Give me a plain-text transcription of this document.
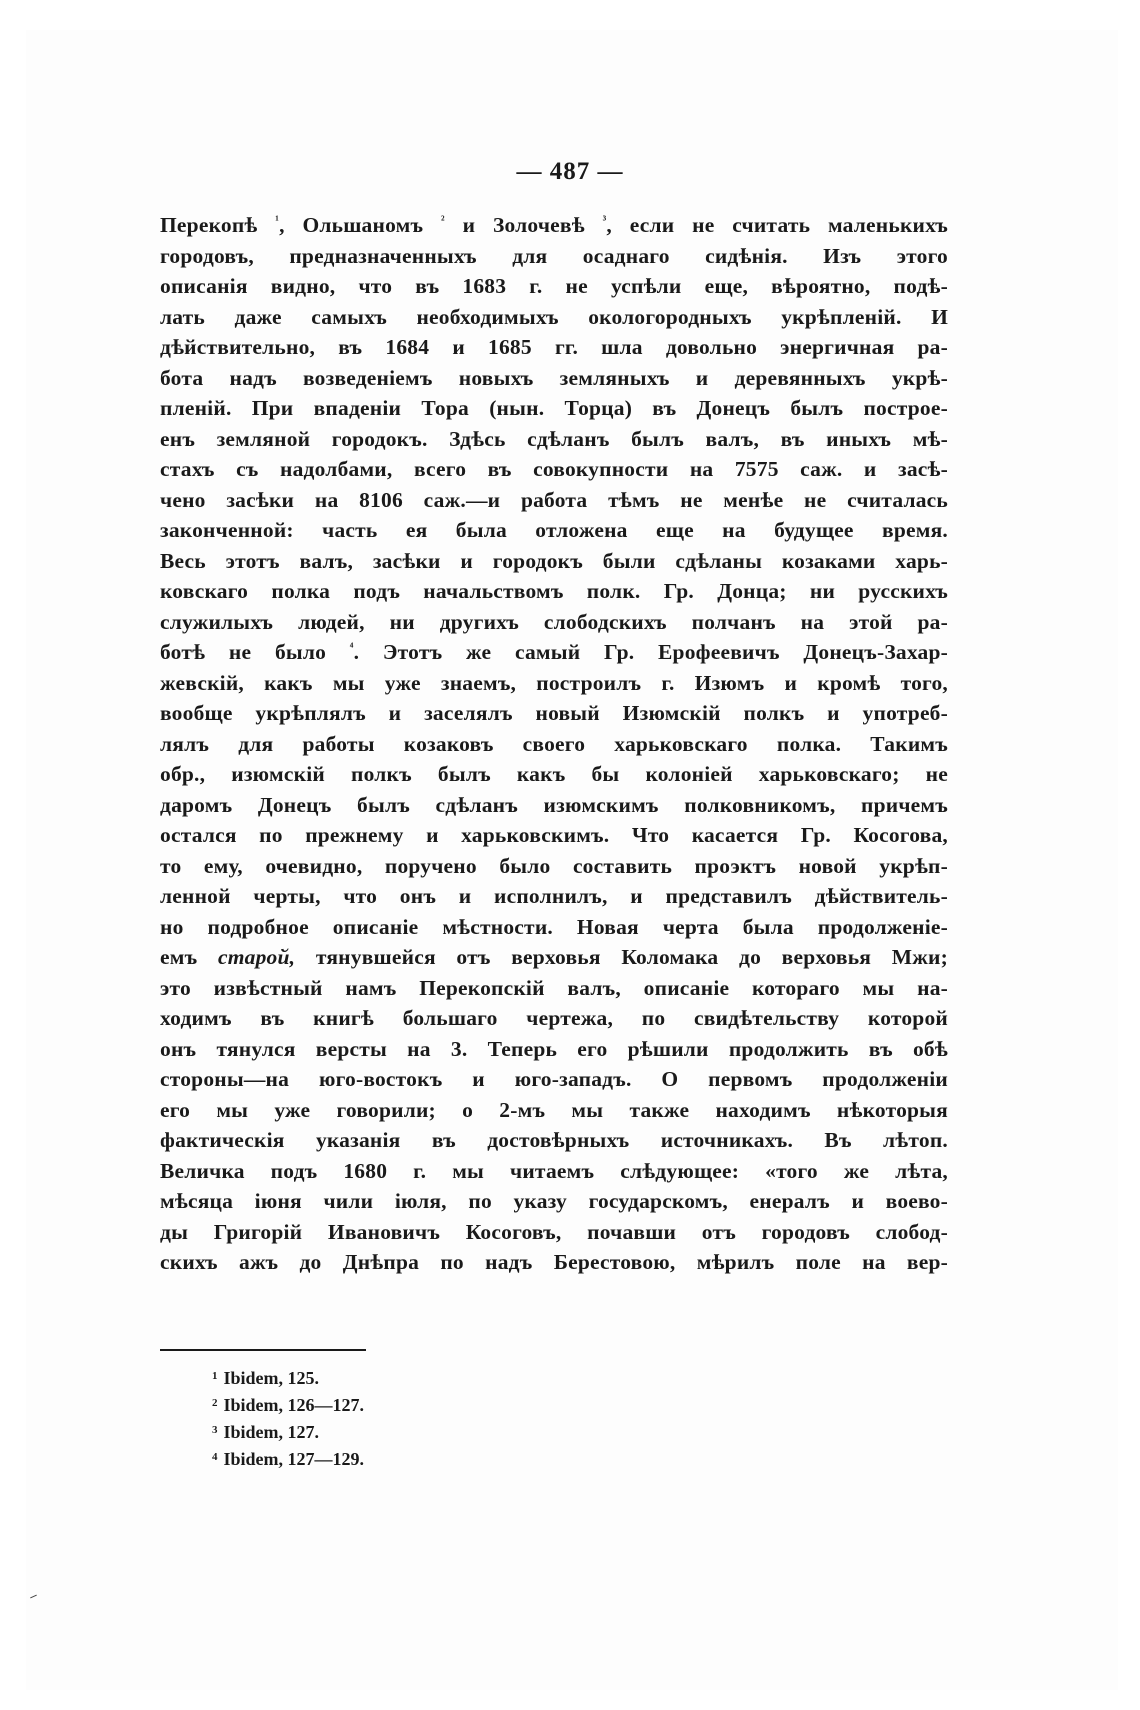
— 487 —
Перекопѣ $^{^1}$, Ольшаномъ $^{^2}$ и Золочевѣ $^{^3}$, если не считать маленькихъ
городовъ, предназначенныхъ для осаднаго сидѣнія. Изъ этого
описанія видно, что въ 1683 г. не успѣли еще, вѣроятно, подѣ-
лать даже самыхъ необходимыхъ окологородныхъ укрѣпленій. И
дѣйствительно, въ 1684 и 1685 гг. шла довольно энергичная ра-
бота надъ возведеніемъ новыхъ земляныхъ и деревянныхъ укрѣ-
пленій. При впаденіи Тора (нын. Торца) въ Донецъ былъ построе-
енъ земляной городокъ. Здѣсь сдѣланъ былъ валъ, въ иныхъ мѣ-
стахъ съ надолбами, всего въ совокупности на 7575 саж. и засѣ-
чено засѣки на 8106 саж.—и работа тѣмъ не менѣе не считалась
законченной: часть ея была отложена еще на будущее время.
Весь этотъ валъ, засѣки и городокъ были сдѣланы козаками харь-
ковскаго полка подъ начальствомъ полк. Гр. Донца; ни русскихъ
служилыхъ людей, ни другихъ слободскихъ полчанъ на этой ра-
ботѣ не было $^{^4}$. Этотъ же самый Гр. Ерофеевичъ Донецъ-Захар-
жевскій, какъ мы уже знаемъ, построилъ г. Изюмъ и кромѣ того,
вообще укрѣплялъ и заселялъ новый Изюмскій полкъ и употреб-
лялъ для работы козаковъ своего харьковскаго полка. Такимъ
обр., изюмскій полкъ былъ какъ бы колоніей харьковскаго; не
даромъ Донецъ былъ сдѣланъ изюмскимъ полковникомъ, причемъ
остался по прежнему и харьковскимъ. Что касается Гр. Косогова,
то ему, очевидно, поручено было составить проэктъ новой укрѣп-
ленной черты, что онъ и исполнилъ, и представилъ дѣйствитель-
но подробное описаніе мѣстности. Новая черта была продолженіе-
емъ старой, тянувшейся отъ верховья Коломака до верховья Мжи;
это извѣстный намъ Перекопскій валъ, описаніе котораго мы на-
ходимъ въ книгѣ большаго чертежа, по свидѣтельству которой
онъ тянулся версты на 3. Теперь его рѣшили продолжить въ обѣ
стороны—на юго-востокъ и юго-западъ. О первомъ продолженіи
его мы уже говорили; о 2-мъ мы также находимъ нѣкоторыя
фактическія указанія въ достовѣрныхъ источникахъ. Въ лѣтоп.
Величка подъ 1680 г. мы читаемъ слѣдующее: «того же лѣта,
мѣсяца іюня чили іюля, по указу государскомъ, енералъ и воево-
ды Григорій Ивановичъ Косоговъ, почавши отъ городовъ слобод-
скихъ ажъ до Днѣпра по надъ Берестовою, мѣрилъ поле на вер-
$^1$ Ibidem, 125.
$^2$ Ibidem, 126—127.
$^3$ Ibidem, 127.
$^4$ Ibidem, 127—129.
